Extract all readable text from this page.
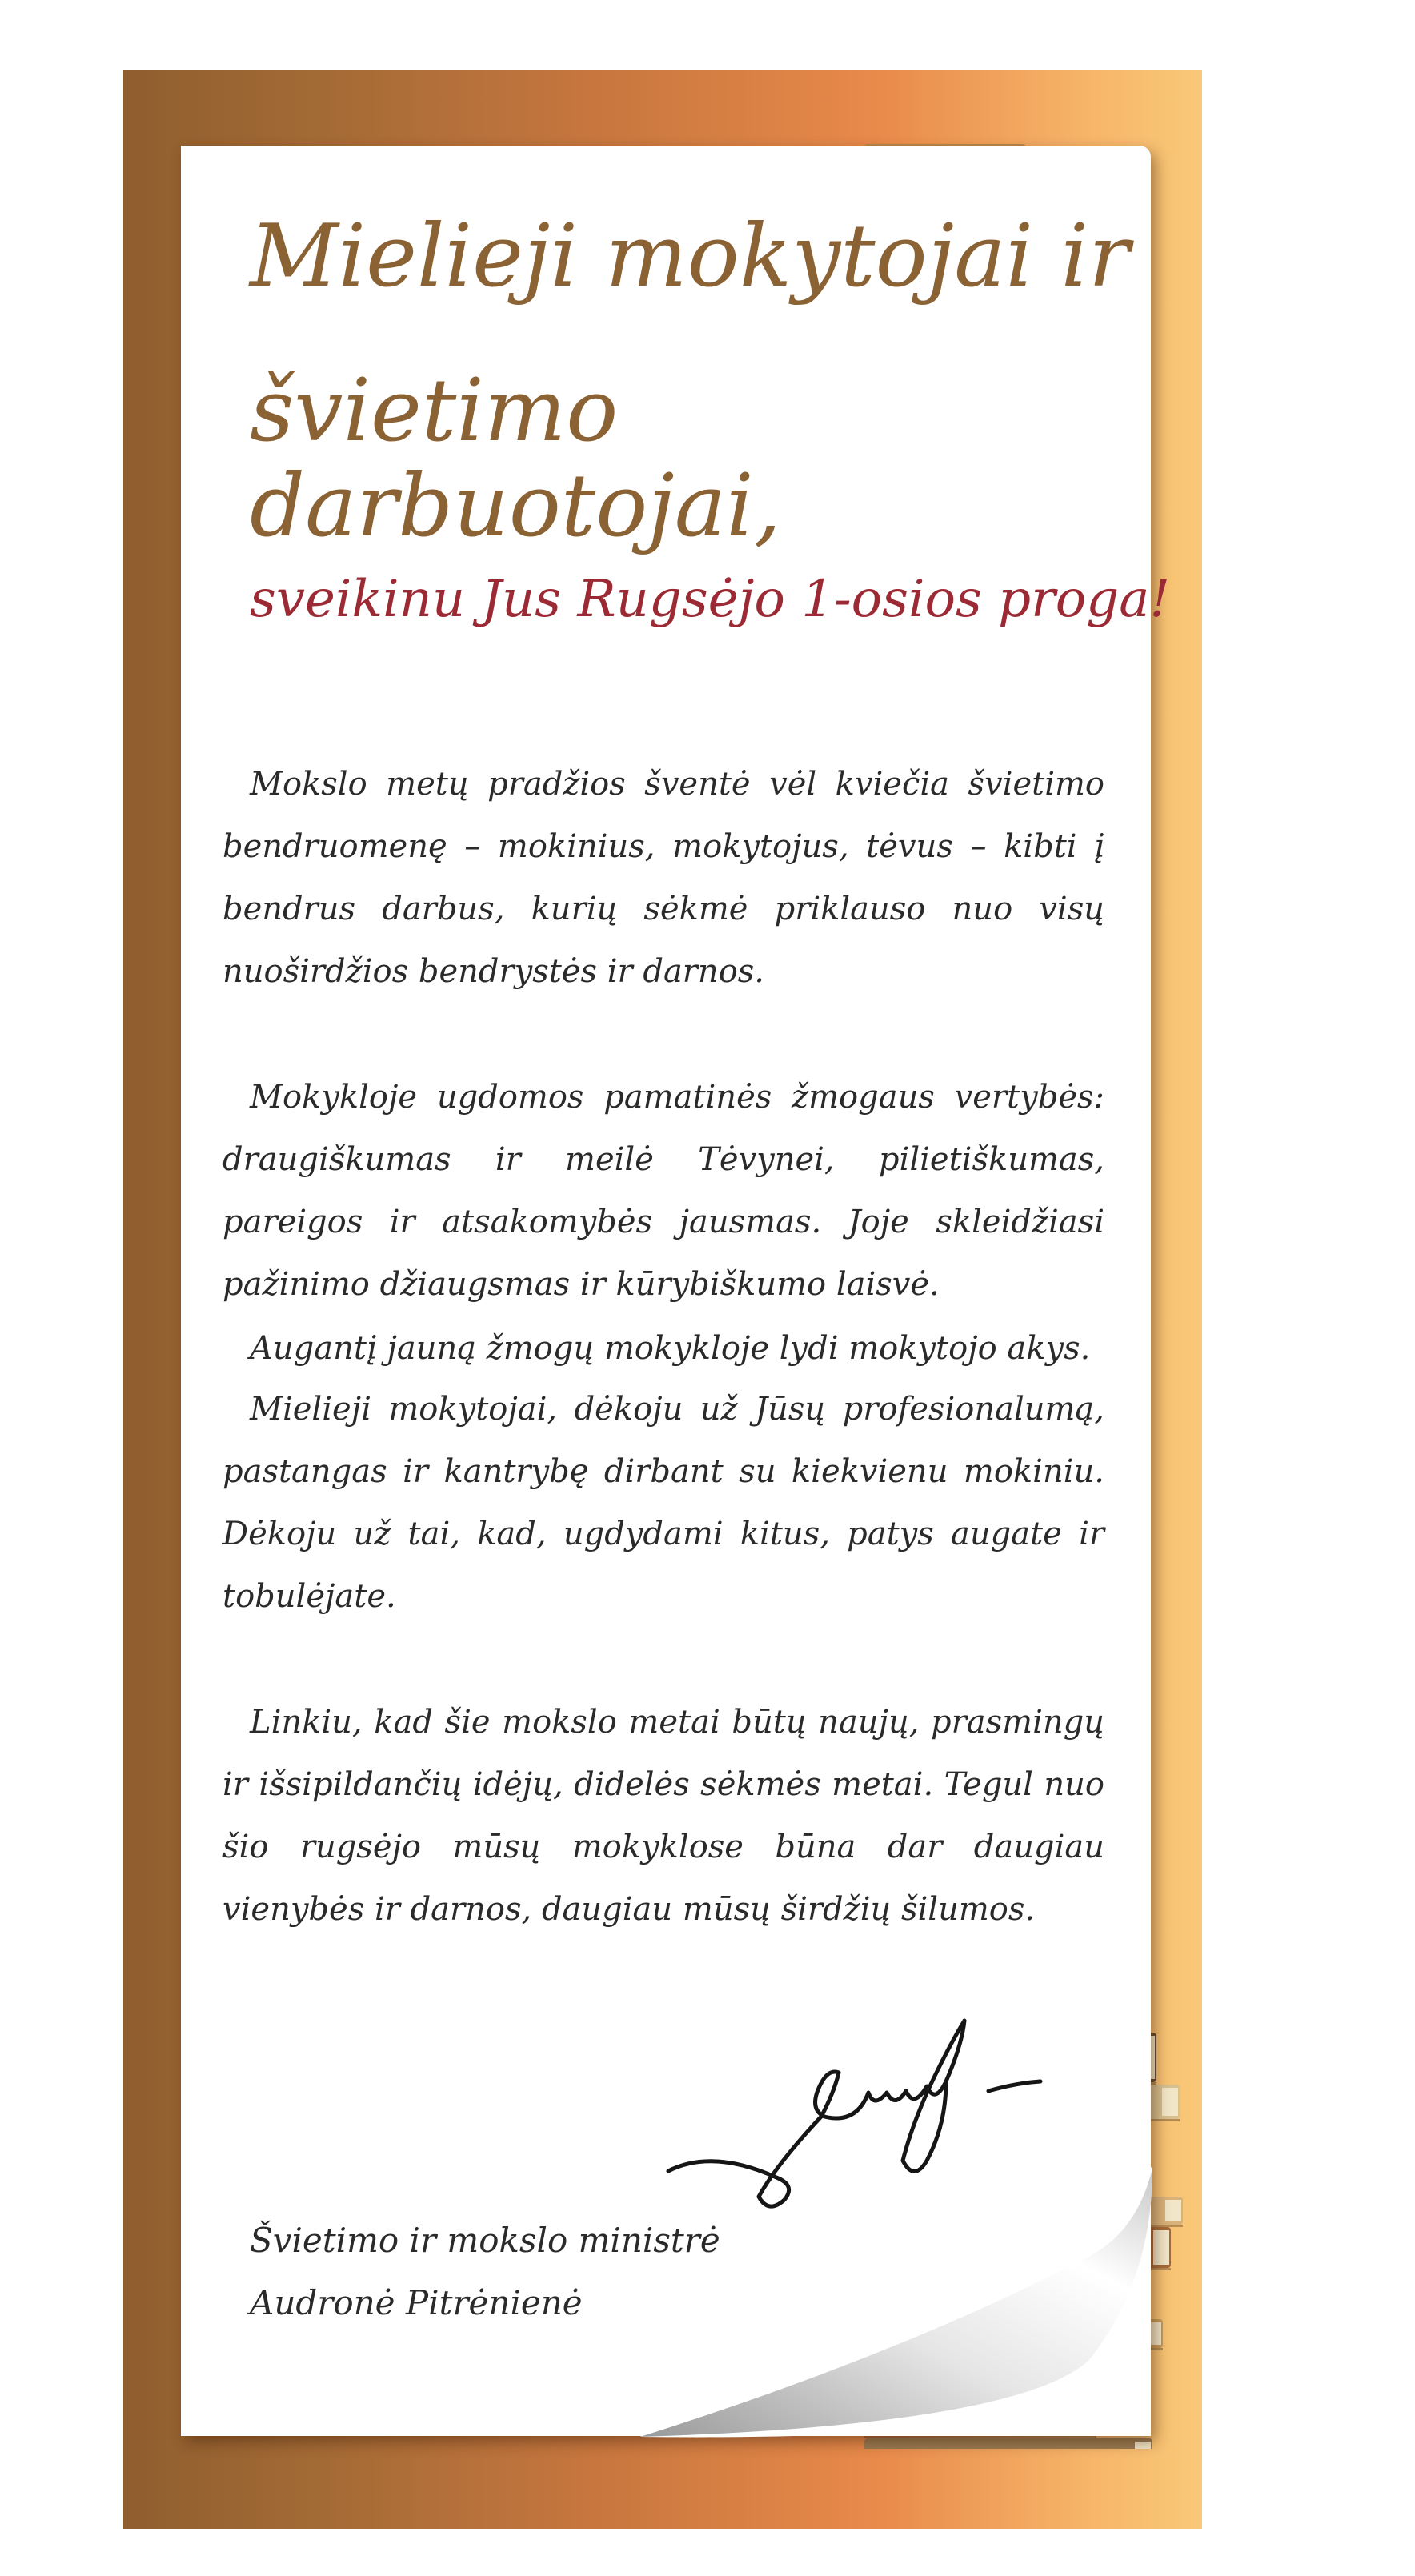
Mielieji mokytojai ir
švietimo darbuotojai,
sveikinu Jus Rugsėjo 1-osios proga!

Mokslo metų pradžios šventė vėl kviečia švietimo bendruomenę – mokinius, mokytojus, tėvus – kibti į bendrus darbus, kurių sėkmė priklauso nuo visų nuoširdžios bendrystės ir darnos.

Mokykloje ugdomos pamatinės žmogaus vertybės: draugiškumas ir meilė Tėvynei, pilietiškumas, pareigos ir atsakomybės jausmas. Joje skleidžiasi pažinimo džiaugsmas ir kūrybiškumo laisvė.

Augantį jauną žmogų mokykloje lydi mokytojo akys.

Mielieji mokytojai, dėkoju už Jūsų profesionalumą, pastangas ir kantrybę dirbant su kiekvienu mokiniu. Dėkoju už tai, kad, ugdydami kitus, patys augate ir tobulėjate.

Linkiu, kad šie mokslo metai būtų naujų, prasmingų ir išsipildančių idėjų, didelės sėkmės metai. Tegul nuo šio rugsėjo mūsų mokyklose būna dar daugiau vienybės ir darnos, daugiau mūsų širdžių šilumos.

Švietimo ir mokslo ministrė

Audronė Pitrėnienė
